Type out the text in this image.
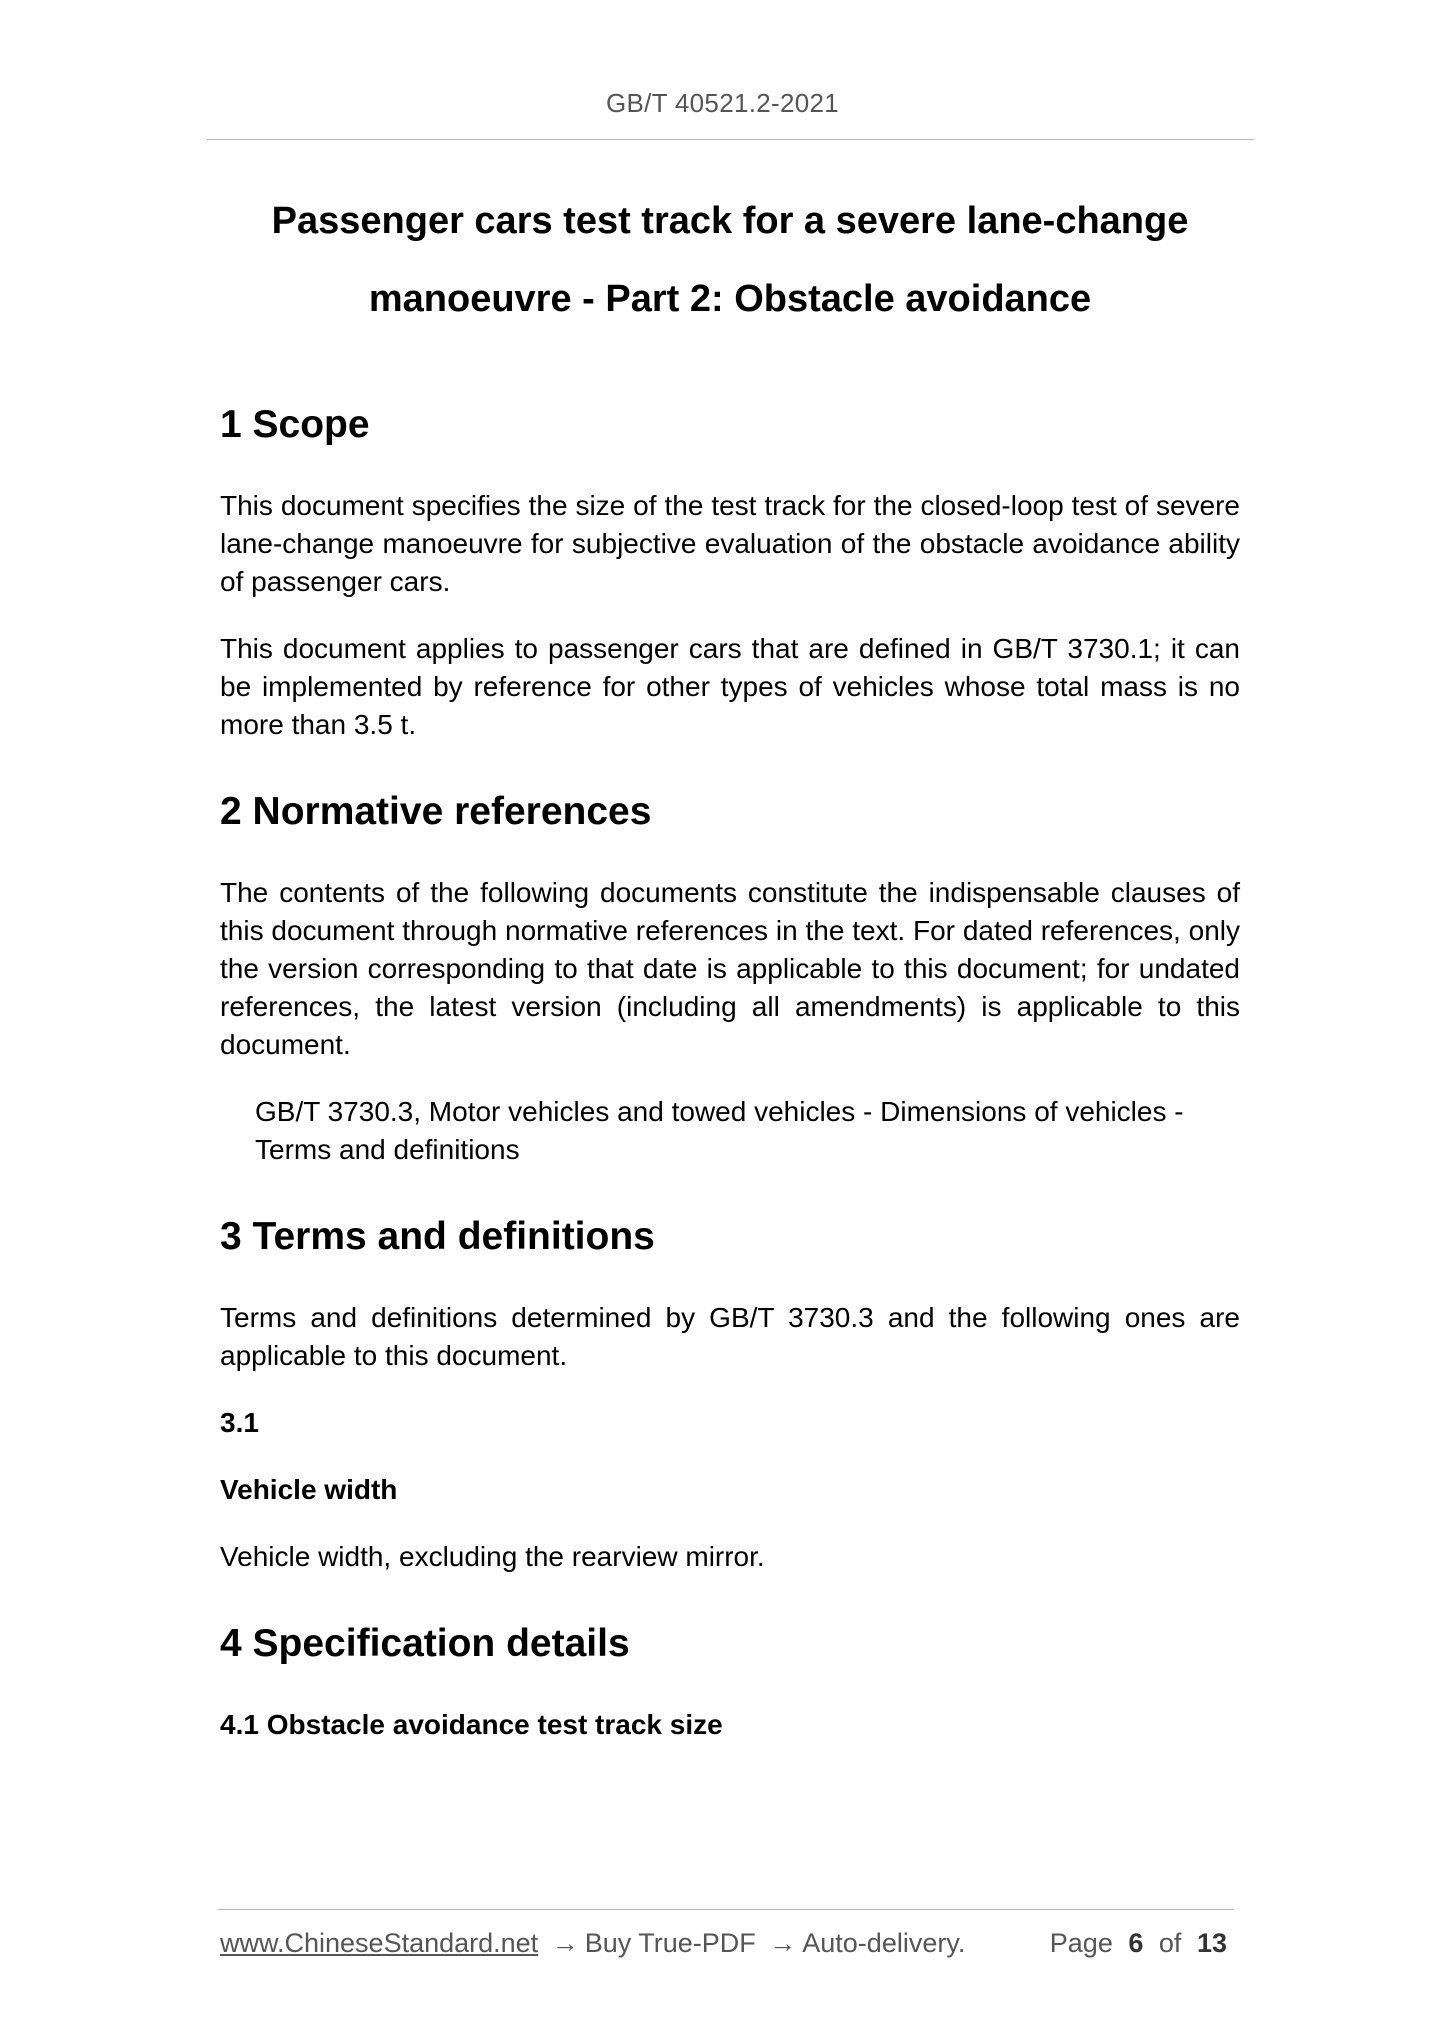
GB/T 40521.2-2021
Passenger cars test track for a severe lane-change
manoeuvre - Part 2: Obstacle avoidance
1 Scope

This document specifies the size of the test track for the closed-loop test of severe lane-change manoeuvre for subjective evaluation of the obstacle avoidance ability of passenger cars.

This document applies to passenger cars that are defined in GB/T 3730.1; it can be implemented by reference for other types of vehicles whose total mass is no more than 3.5 t.

2 Normative references

The contents of the following documents constitute the indispensable clauses of this document through normative references in the text. For dated references, only the version corresponding to that date is applicable to this document; for undated references, the latest version (including all amendments) is applicable to this document.

GB/T 3730.3, Motor vehicles and towed vehicles - Dimensions of vehicles - Terms and definitions

3 Terms and definitions

Terms and definitions determined by GB/T 3730.3 and the following ones are applicable to this document.

3.1

Vehicle width

Vehicle width, excluding the rearview mirror.

4 Specification details

4.1 Obstacle avoidance test track size

www.ChineseStandard.net → Buy True-PDF → Auto-delivery.	Page 6 of 13
